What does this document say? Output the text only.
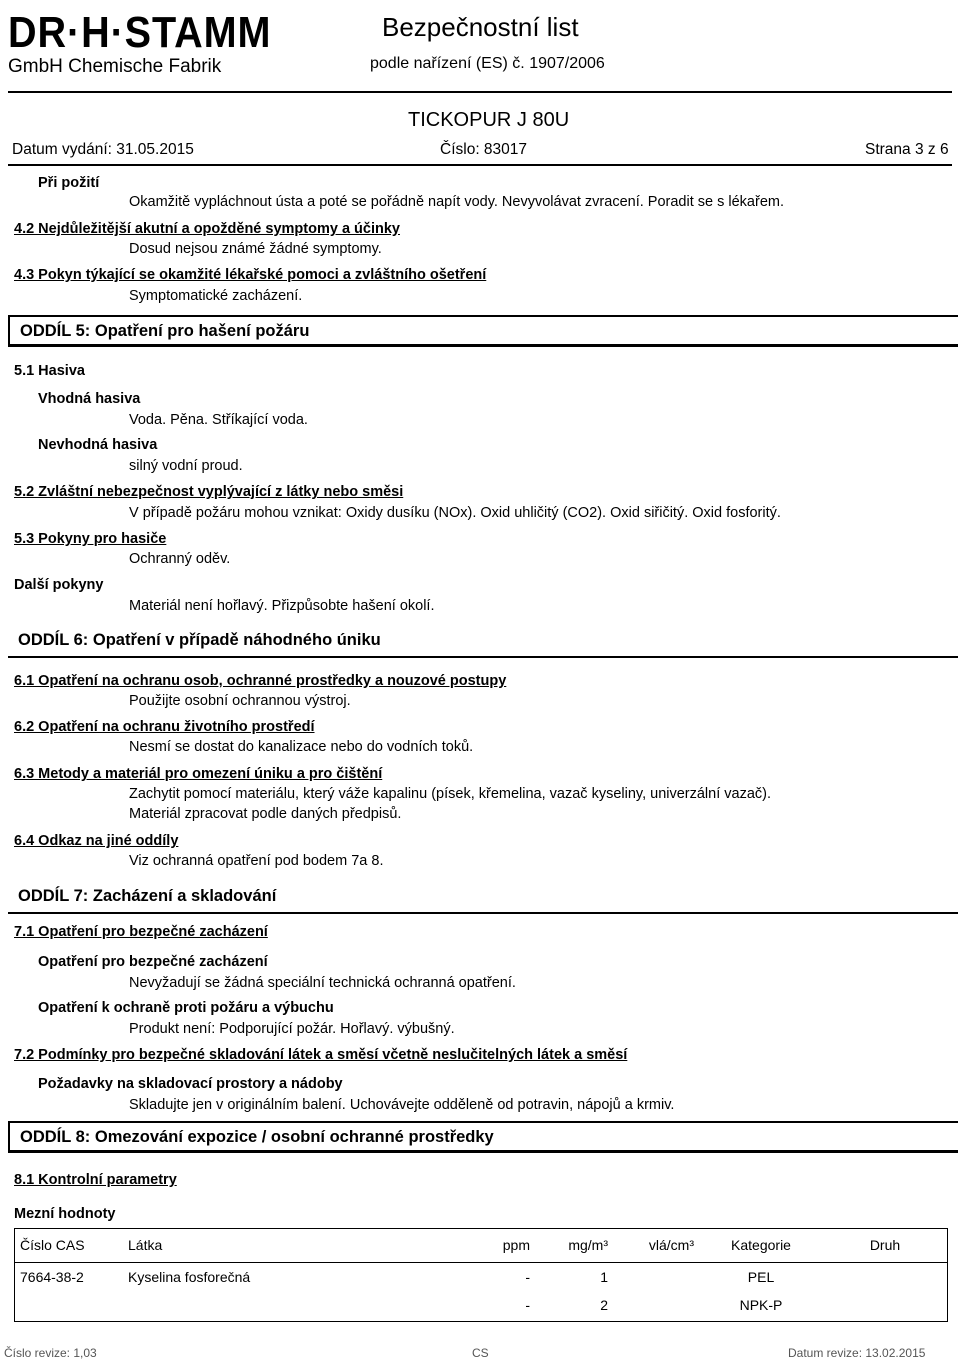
DR·H·STAMM
GmbH Chemische Fabrik
Bezpečnostní list
podle nařízení (ES) č. 1907/2006
TICKOPUR J 80U
Datum vydání: 31.05.2015	Číslo: 83017	Strana 3 z 6
Při požití
Okamžitě vypláchnout ústa a poté se pořádně napít vody. Nevyvolávat zvracení. Poradit se s lékařem.
4.2 Nejdůležitější akutní a opožděné symptomy a účinky
Dosud nejsou známé žádné symptomy.
4.3 Pokyn týkající se okamžité lékařské pomoci a zvláštního ošetření
Symptomatické zacházení.
ODDÍL 5: Opatření pro hašení požáru
5.1 Hasiva
Vhodná hasiva
Voda. Pěna. Stříkající voda.
Nevhodná hasiva
silný vodní proud.
5.2 Zvláštní nebezpečnost vyplývající z látky nebo směsi
V případě požáru mohou vznikat: Oxidy dusíku (NOx). Oxid uhličitý (CO2). Oxid siřičitý. Oxid fosforitý.
5.3 Pokyny pro hasiče
Ochranný oděv.
Další pokyny
Materiál není hořlavý. Přizpůsobte hašení okolí.
ODDÍL 6: Opatření v případě náhodného úniku
6.1 Opatření na ochranu osob, ochranné prostředky a nouzové postupy
Použijte osobní ochrannou výstroj.
6.2 Opatření na ochranu životního prostředí
Nesmí se dostat do kanalizace nebo do vodních toků.
6.3 Metody a materiál pro omezení úniku a pro čištění
Zachytit pomocí materiálu, který váže kapalinu (písek, křemelina, vazač kyseliny, univerzální vazač).
Materiál zpracovat podle daných předpisů.
6.4 Odkaz na jiné oddíly
Viz ochranná opatření pod bodem 7a 8.
ODDÍL 7: Zacházení a skladování
7.1 Opatření pro bezpečné zacházení
Opatření pro bezpečné zacházení
Nevyžadují se žádná speciální technická ochranná opatření.
Opatření k ochraně proti požáru a výbuchu
Produkt není: Podporující požár. Hořlavý. výbušný.
7.2 Podmínky pro bezpečné skladování látek a směsí včetně neslučitelných látek a směsí
Požadavky na skladovací prostory a nádoby
Skladujte jen v originálním balení. Uchovávejte odděleně od potravin, nápojů a krmiv.
ODDÍL 8: Omezování expozice / osobní ochranné prostředky
8.1 Kontrolní parametry
Mezní hodnoty
Číslo CAS	Látka	ppm	mg/m³	vlá/cm³	Kategorie	Druh
7664-38-2	Kyselina fosforečná	-	1		PEL	
		-	2		NPK-P	
Číslo revize: 1,03	CS	Datum revize: 13.02.2015
